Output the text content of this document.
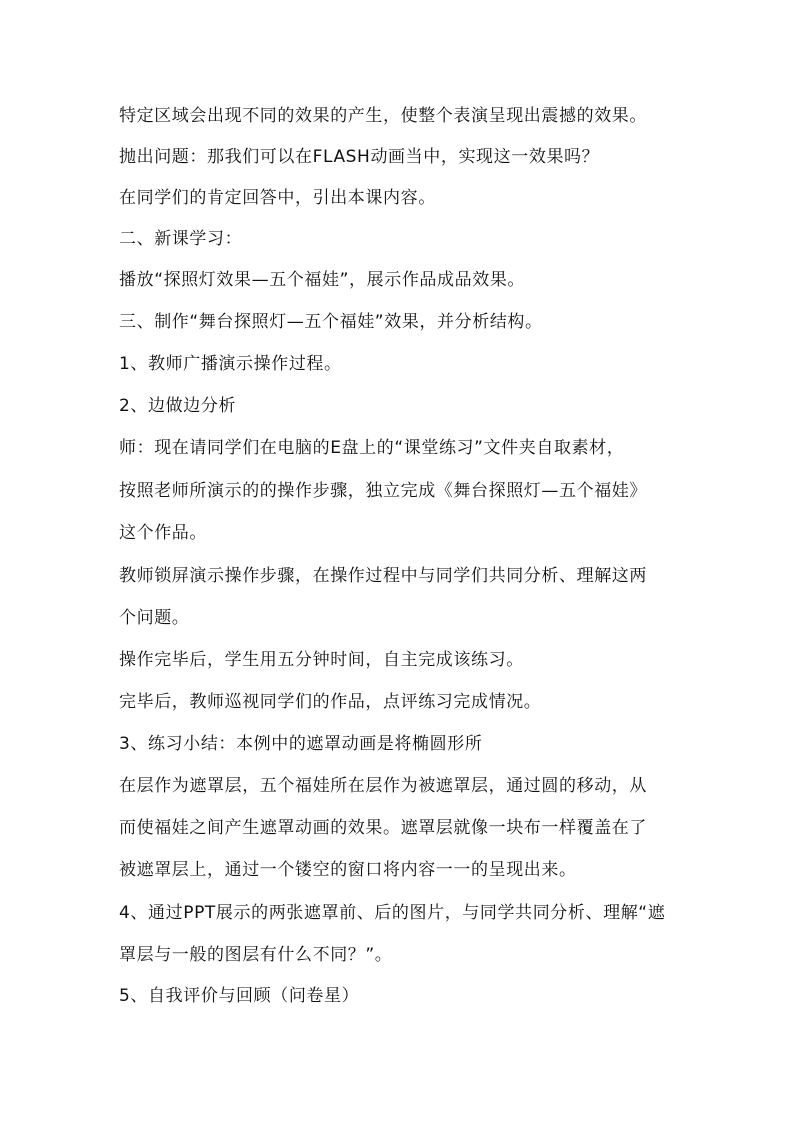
特定区域会出现不同的效果的产生，使整个表演呈现出震撼的效果。

抛出问题：那我们可以在FLASH动画当中，实现这一效果吗？

在同学们的肯定回答中，引出本课内容。

二、新课学习：

播放“探照灯效果—五个福娃”，展示作品成品效果。

三、制作“舞台探照灯—五个福娃”效果，并分析结构。

1、教师广播演示操作过程。

2、边做边分析

师：现在请同学们在电脑的E盘上的“课堂练习”文件夹自取素材，

按照老师所演示的的操作步骤，独立完成《舞台探照灯—五个福娃》

这个作品。

教师锁屏演示操作步骤，在操作过程中与同学们共同分析、理解这两

个问题。

操作完毕后，学生用五分钟时间，自主完成该练习。

完毕后，教师巡视同学们的作品，点评练习完成情况。

3、练习小结：本例中的遮罩动画是将椭圆形所

在层作为遮罩层，五个福娃所在层作为被遮罩层，通过圆的移动，从

而使福娃之间产生遮罩动画的效果。遮罩层就像一块布一样覆盖在了

被遮罩层上，通过一个镂空的窗口将内容一一的呈现出来。

4、通过PPT展示的两张遮罩前、后的图片，与同学共同分析、理解“遮

罩层与一般的图层有什么不同？”。

5、自我评价与回顾（问卷星）
